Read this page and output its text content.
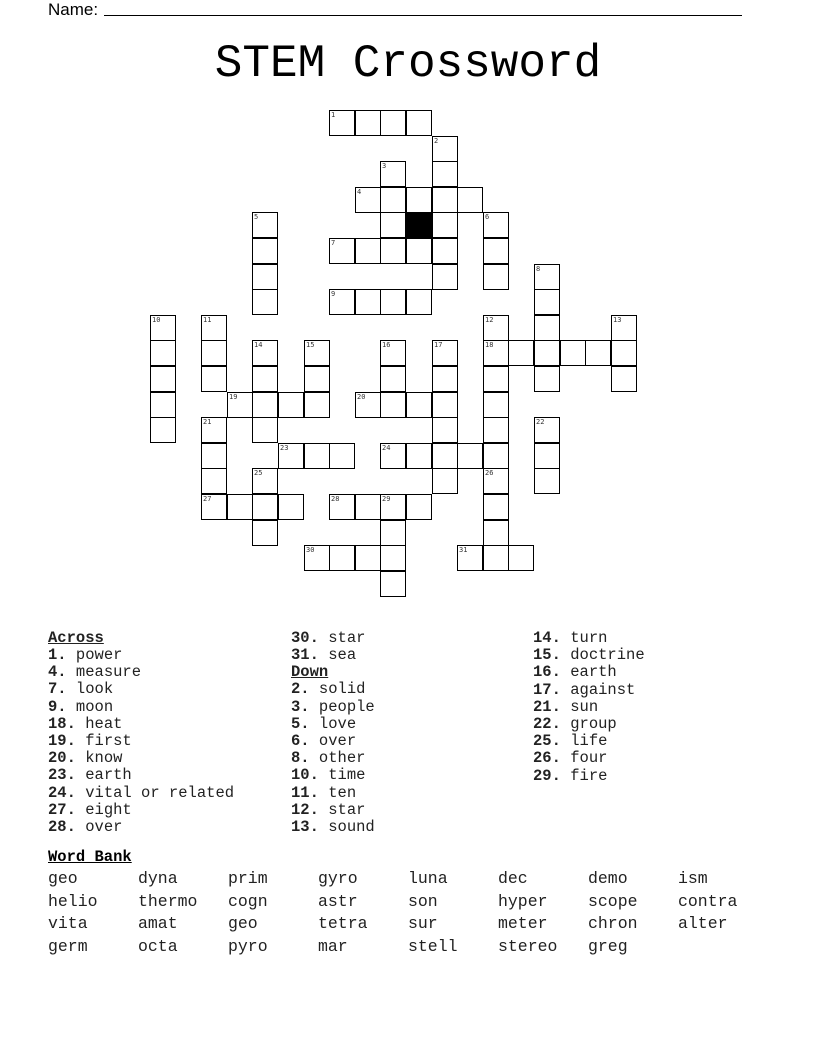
Name:
STEM Crossword
1
2
3
4
5	6
7
8
9
10	11	12	13
14	15	16	17	18
19	20
21	22
23	24
25	26
27	28	29
30	31
Across
1. power
4. measure
7. look
9. moon
18. heat
19. first
20. know
23. earth
24. vital or related
27. eight
28. over
30. star
31. sea
Down
2. solid
3. people
5. love
6. over
8. other
10. time
11. ten
12. star
13. sound
14. turn
15. doctrine
16. earth
17. against
21. sun
22. group
25. life
26. four
29. fire
Word Bank
geo	dyna	prim	gyro	luna	dec	demo	ism
helio thermo cogn	astr	son	hyper scope contra
vita	amat	geo	tetra sur	meter chron alter
germ	octa	pyro	mar	stell stereo greg
